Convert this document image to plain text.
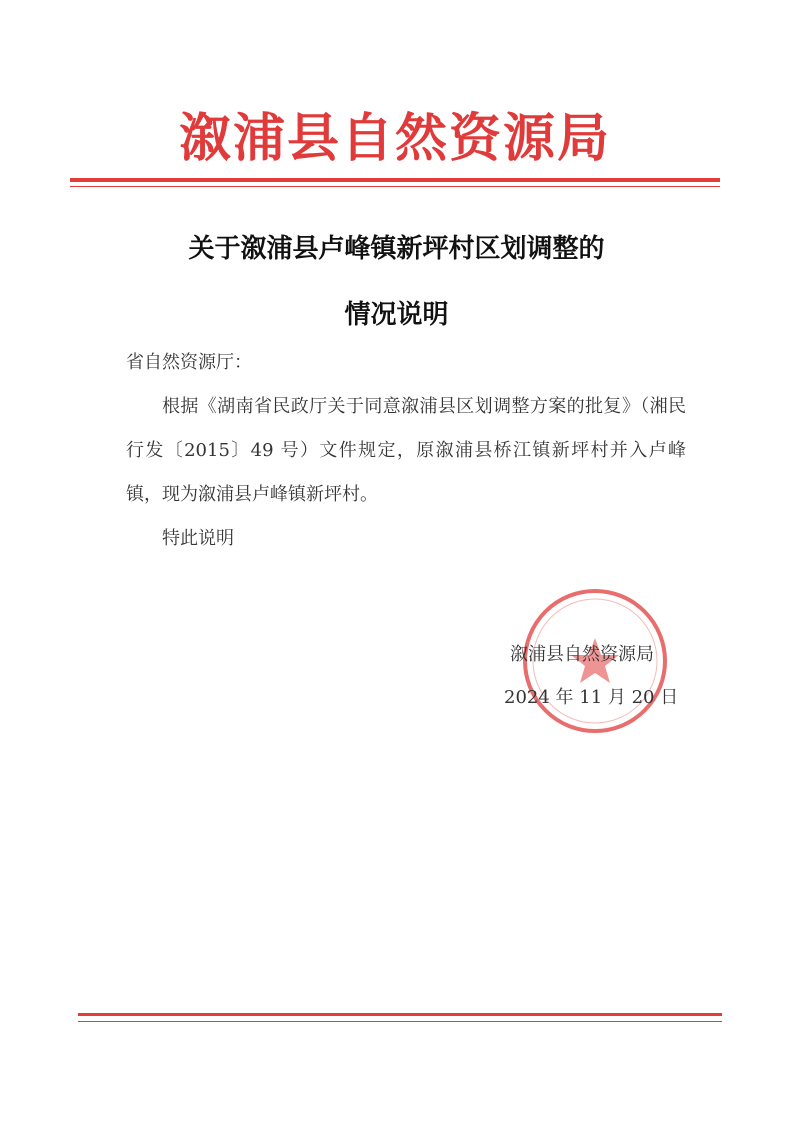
溆浦县自然资源局
关于溆浦县卢峰镇新坪村区划调整的
情况说明

省自然资源厅：

根据《湖南省民政厅关于同意溆浦县区划调整方案的批复》（湘民行发〔2015〕49 号）文件规定，原溆浦县桥江镇新坪村并入卢峰镇，现为溆浦县卢峰镇新坪村。

特此说明

溆浦县自然资源局
2024 年 11 月 20 日
